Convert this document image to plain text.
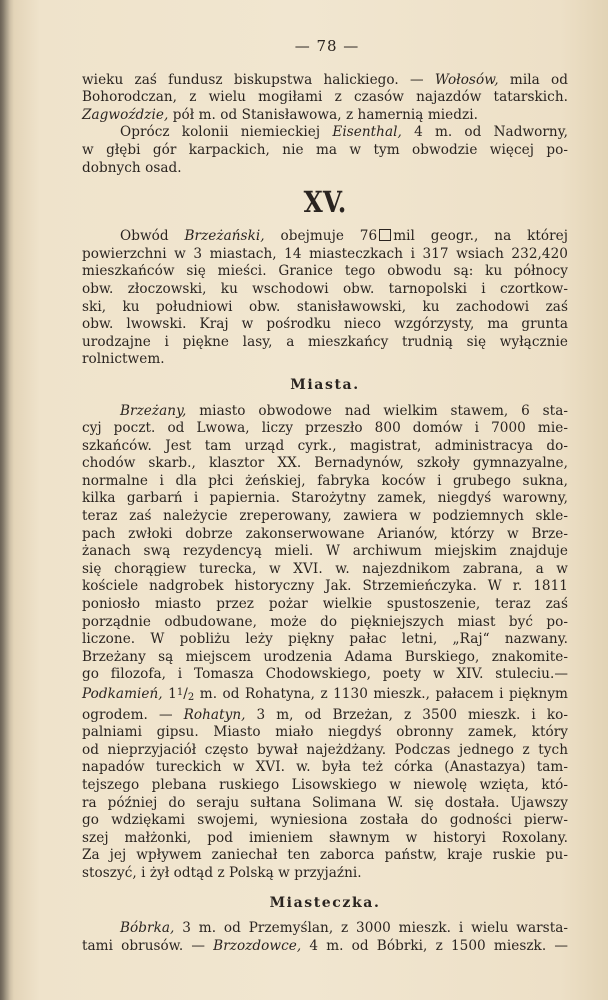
— 78 —

wieku zaś fundusz biskupstwa halickiego. — Wołosów, mila od
Bohorodczan, z wielu mogiłami z czasów najazdów tatarskich.
Zagwoździe, pół m. od Stanisławowa, z hamernią miedzi.

Oprócz kolonii niemieckiej Eisenthal, 4 m. od Nadworny,
w głębi gór karpackich, nie ma w tym obwodzie więcej po-
dobnych osad.

XV.

Obwód Brzeżański, obejmuje 76 mil geogr., na której
powierzchni w 3 miastach, 14 miasteczkach i 317 wsiach 232,420
mieszkańców się mieści. Granice tego obwodu są: ku północy
obw. złoczowski, ku wschodowi obw. tarnopolski i czortkow-
ski, ku południowi obw. stanisławowski, ku zachodowi zaś
obw. lwowski. Kraj w pośrodku nieco wzgórzysty, ma grunta
urodzajne i piękne lasy, a mieszkańcy trudnią się wyłącznie
rolnictwem.

Miasta.

Brzeżany, miasto obwodowe nad wielkim stawem, 6 sta-
cyj poczt. od Lwowa, liczy przeszło 800 domów i 7000 mie-
szkańców. Jest tam urząd cyrk., magistrat, administracya do-
chodów skarb., klasztor XX. Bernadynów, szkoły gymnazyalne,
normalne i dla płci żeńskiej, fabryka koców i grubego sukna,
kilka garbarń i papiernia. Starożytny zamek, niegdyś warowny,
teraz zaś należycie zreperowany, zawiera w podziemnych skle-
pach zwłoki dobrze zakonserwowane Arianów, którzy w Brze-
żanach swą rezydencyą mieli. W archiwum miejskim znajduje
się chorągiew turecka, w XVI. w. najezdnikom zabrana, a w
kościele nadgrobek historyczny Jak. Strzemieńczyka. W r. 1811
poniosło miasto przez pożar wielkie spustoszenie, teraz zaś
porządnie odbudowane, może do piękniejszych miast być po-
liczone. W pobliżu leży piękny pałac letni, „Raj“ nazwany.
Brzeżany są miejscem urodzenia Adama Burskiego, znakomite-
go filozofa, i Tomasza Chodowskiego, poety w XIV. stuleciu.—
Podkamień, $1^1/2$ m. od Rohatyna, z 1130 mieszk., pałacem i pięknym
ogrodem. — Rohatyn, 3 m, od Brzeżan, z 3500 mieszk. i ko-
palniami gipsu. Miasto miało niegdyś obronny zamek, który
od nieprzyjaciół często bywał najeżdżany. Podczas jednego z tych
napadów tureckich w XVI. w. była też córka (Anastazya) tam-
tejszego plebana ruskiego Lisowskiego w niewolę wzięta, któ-
ra później do seraju sułtana Solimana W. się dostała. Ujawszy
go wdziękami swojemi, wyniesiona została do godności pierw-
szej małżonki, pod imieniem sławnym w historyi Roxolany.
Za jej wpływem zaniechał ten zaborca państw, kraje ruskie pu-
stoszyć, i żył odtąd z Polską w przyjaźni.

Miasteczka.

Bóbrka, 3 m. od Przemyślan, z 3000 mieszk. i wielu warsta-
tami obrusów. — Brzozdowce, 4 m. od Bóbrki, z 1500 mieszk. —
